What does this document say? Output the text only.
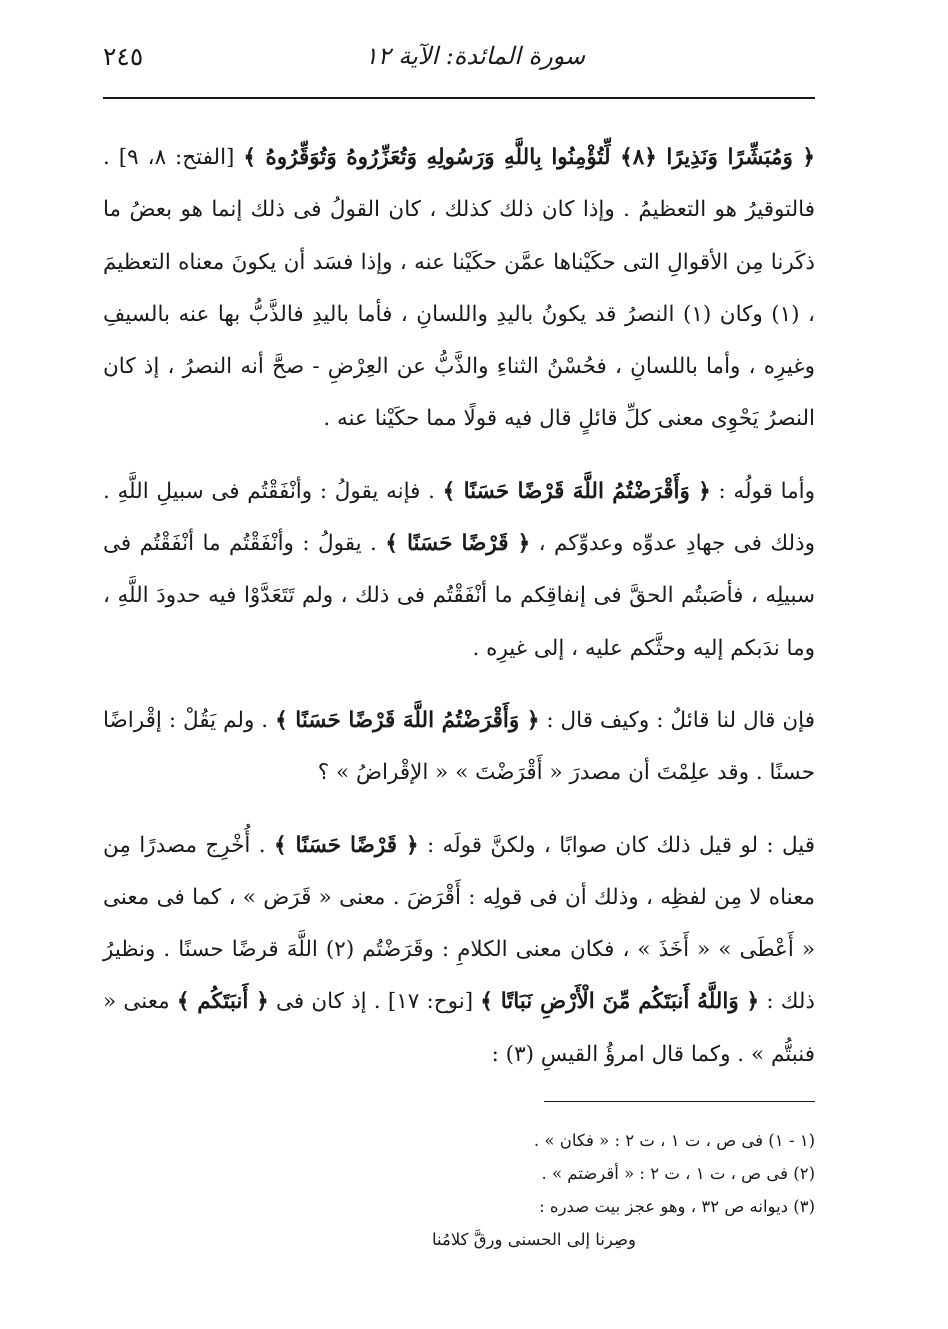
٢٤٥	سورة المائدة: الآية ١٢

﴿ وَمُبَشِّرًا وَنَذِيرًا ﴿٨﴾ لِّتُؤْمِنُوا بِاللَّهِ وَرَسُولِهِ وَتُعَزِّرُوهُ وَتُوَقِّرُوهُ ﴾ [الفتح: ٨، ٩] . فالتوقيرُ هو التعظيمُ . وإذا كان ذلك كذلك ، كان القولُ فى ذلك إنما هو بعضُ ما ذكَرنا مِن الأقوالِ التى حكَيْناها عمَّن حكَيْنا عنه ، وإذا فسَد أن يكونَ معناه التعظيمَ ، (١) وكان (١) النصرُ قد يكونُ باليدِ واللسانِ ، فأما باليدِ فالذَّبُّ بها عنه بالسيفِ وغيرِه ، وأما باللسانِ ، فحُسْنُ الثناءِ والذَّبُّ عن العِرْضِ - صحَّ أنه النصرُ ، إذ كان النصرُ يَحْوِى معنى كلِّ قائلٍ قال فيه قولًا مما حكَيْنا عنه .

وأما قولُه : ﴿ وَأَقْرَضْتُمُ اللَّهَ قَرْضًا حَسَنًا ﴾ . فإنه يقولُ : وأنْفَقْتُم فى سبيلِ اللَّهِ . وذلك فى جهادِ عدوِّه وعدوِّكم ، ﴿ قَرْضًا حَسَنًا ﴾ . يقولُ : وأنْفَقْتُم ما أنْفَقْتُم فى سبيلِه ، فأصَبتُم الحقَّ فى إنفاقِكم ما أنْفَقْتُم فى ذلك ، ولم تَتَعَدَّوْا فيه حدودَ اللَّهِ ، وما ندَبكم إليه وحثَّكم عليه ، إلى غيرِه .

فإن قال لنا قائلٌ : وكيف قال : ﴿ وَأَقْرَضْتُمُ اللَّهَ قَرْضًا حَسَنًا ﴾ . ولم يَقُلْ : إقْراضًا حسنًا . وقد علِمْتَ أن مصدرَ « أَقْرَضْتَ » « الإقْراضُ » ؟

قيل : لو قيل ذلك كان صوابًا ، ولكنَّ قولَه : ﴿ قَرْضًا حَسَنًا ﴾ . أُخْرِج مصدرًا مِن معناه لا مِن لفظِه ، وذلك أن فى قولِه : أَقْرَضَ . معنى « قَرَض » ، كما فى معنى « أَعْطَى » « أَخَذَ » ، فكان معنى الكلامِ : وقَرَضْتُم (٢) اللَّهَ قرضًا حسنًا . ونظيرُ ذلك : ﴿ وَاللَّهُ أَنبَتَكُم مِّنَ الْأَرْضِ نَبَاتًا ﴾ [نوح: ١٧] . إذ كان فى ﴿ أَنبَتَكُم ﴾ معنى « فنبتُّم » . وكما قال امرؤُ القيسِ (٣) :

(١ - ١) فى ص ، ت ١ ، ت ٢ : « فكان » .

(٢) فى ص ، ت ١ ، ت ٢ : « أقرضتم » .

(٣) ديوانه ص ٣٢ ، وهو عجز بيت صدره :

وصِرنا إلى الحسنى ورقَّ كلامُنا
